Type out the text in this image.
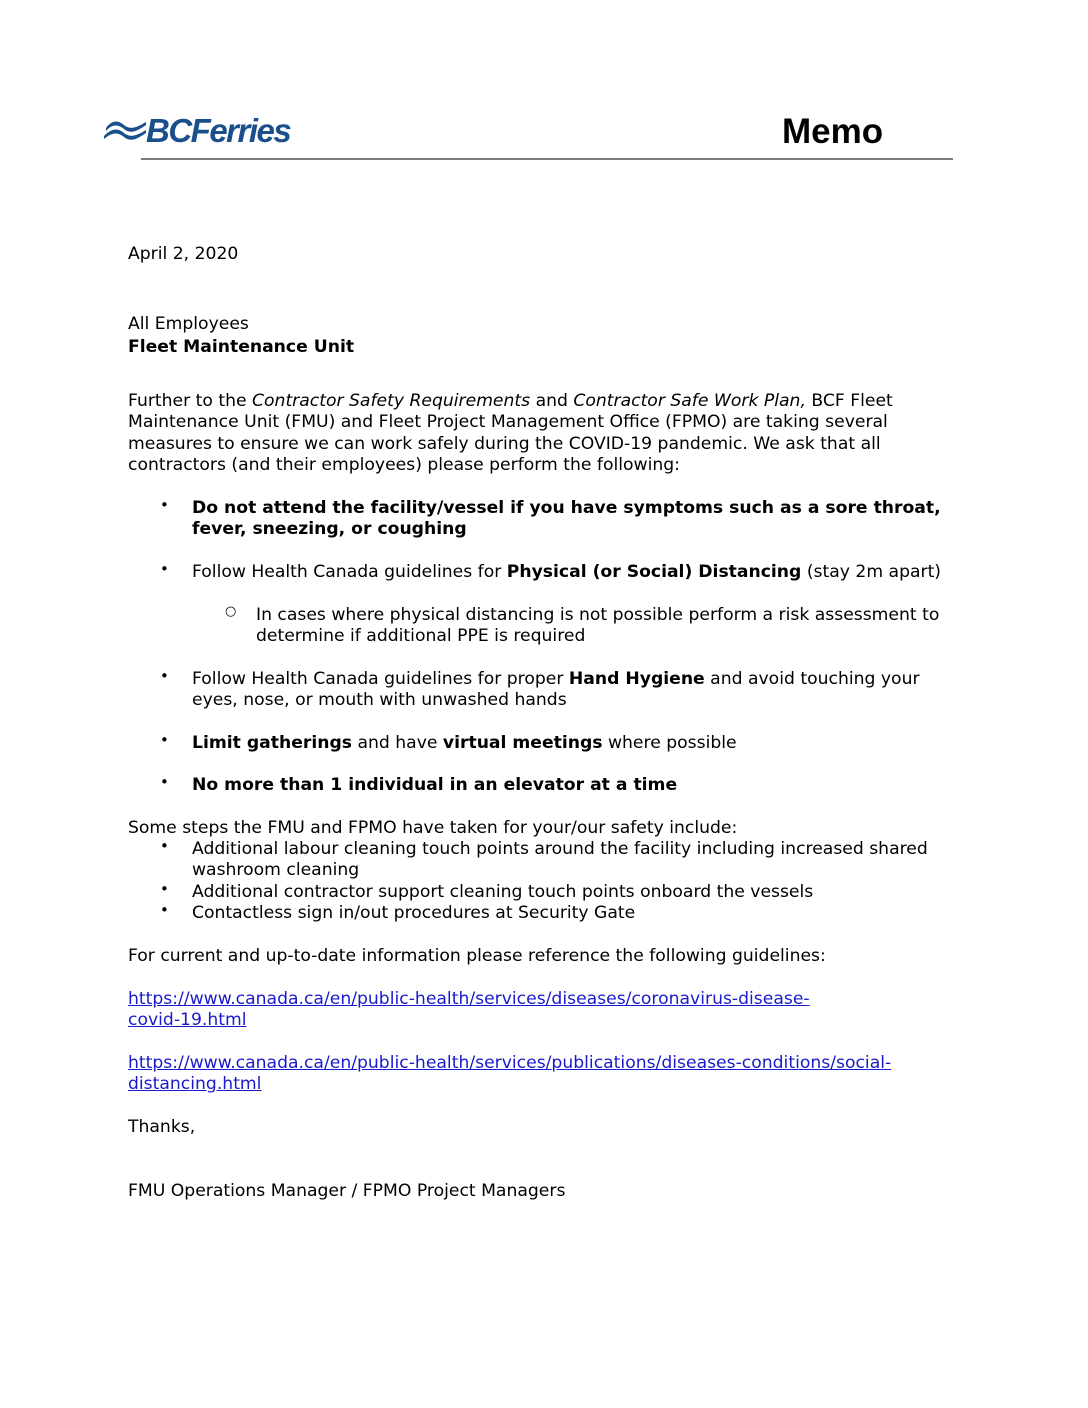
BCFerries	Memo
April 2, 2020
All Employees
Fleet Maintenance Unit
Further to the Contractor Safety Requirements and Contractor Safe Work Plan, BCF Fleet Maintenance Unit (FMU) and Fleet Project Management Office (FPMO) are taking several measures to ensure we can work safely during the COVID-19 pandemic. We ask that all contractors (and their employees) please perform the following:
• Do not attend the facility/vessel if you have symptoms such as a sore throat, fever, sneezing, or coughing
• Follow Health Canada guidelines for Physical (or Social) Distancing (stay 2m apart)
○ In cases where physical distancing is not possible perform a risk assessment to determine if additional PPE is required
• Follow Health Canada guidelines for proper Hand Hygiene and avoid touching your eyes, nose, or mouth with unwashed hands
• Limit gatherings and have virtual meetings where possible
• No more than 1 individual in an elevator at a time
Some steps the FMU and FPMO have taken for your/our safety include:
• Additional labour cleaning touch points around the facility including increased shared washroom cleaning
• Additional contractor support cleaning touch points onboard the vessels
• Contactless sign in/out procedures at Security Gate
For current and up-to-date information please reference the following guidelines:
https://www.canada.ca/en/public-health/services/diseases/coronavirus-disease-
covid-19.html
https://www.canada.ca/en/public-health/services/publications/diseases-conditions/social-
distancing.html
Thanks,
FMU Operations Manager / FPMO Project Managers
